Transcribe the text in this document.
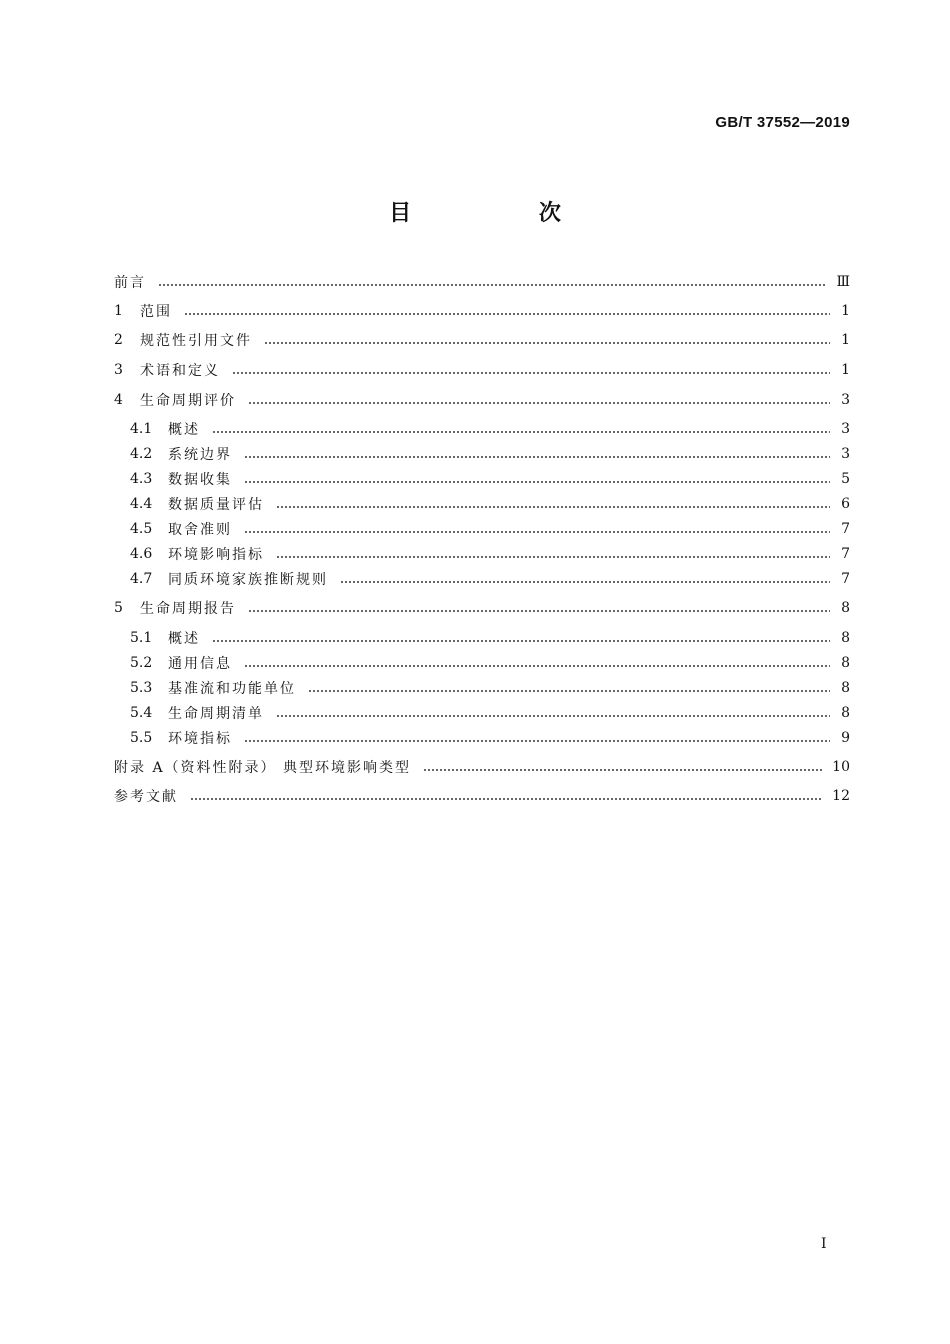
GB/T 37552—2019
目 次
前言	Ⅲ
1	范围	1
2	规范性引用文件	1
3	术语和定义	1
4	生命周期评价	3
4.1	概述	3
4.2	系统边界	3
4.3	数据收集	5
4.4	数据质量评估	6
4.5	取舍准则	7
4.6	环境影响指标	7
4.7	同质环境家族推断规则	7
5	生命周期报告	8
5.1	概述	8
5.2	通用信息	8
5.3	基准流和功能单位	8
5.4	生命周期清单	8
5.5	环境指标	9
附录 A（资料性附录） 典型环境影响类型	10
参考文献	12
Ⅰ
